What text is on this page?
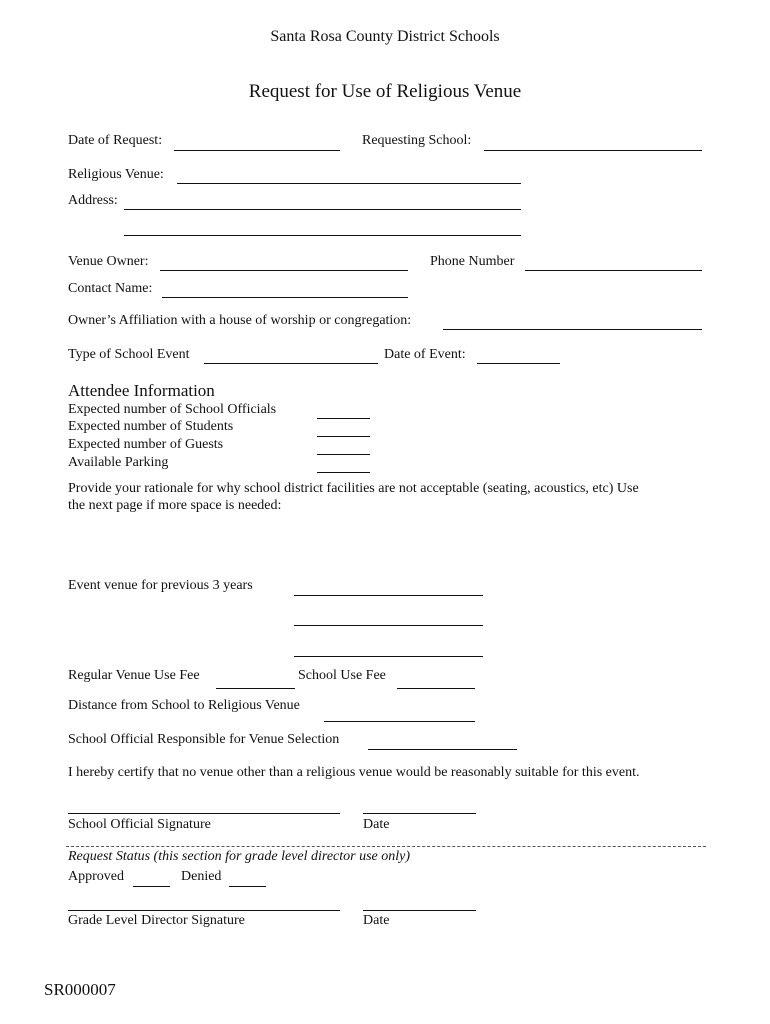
Santa Rosa County District Schools
Request for Use of Religious Venue
Date of Request:	Requesting School:
Religious Venue:
Address:
Venue Owner:	Phone Number
Contact Name:
Owner’s Affiliation with a house of worship or congregation:
Type of School Event	Date of Event:
Attendee Information
Expected number of School Officials
Expected number of Students
Expected number of Guests
Available Parking
Provide your rationale for why school district facilities are not acceptable (seating, acoustics, etc) Use
the next page if more space is needed:
Event venue for previous 3 years
Regular Venue Use Fee	School Use Fee
Distance from School to Religious Venue
School Official Responsible for Venue Selection
I hereby certify that no venue other than a religious venue would be reasonably suitable for this event.
School Official Signature	Date
Request Status (this section for grade level director use only)
Approved	Denied
Grade Level Director Signature	Date
SR000007
